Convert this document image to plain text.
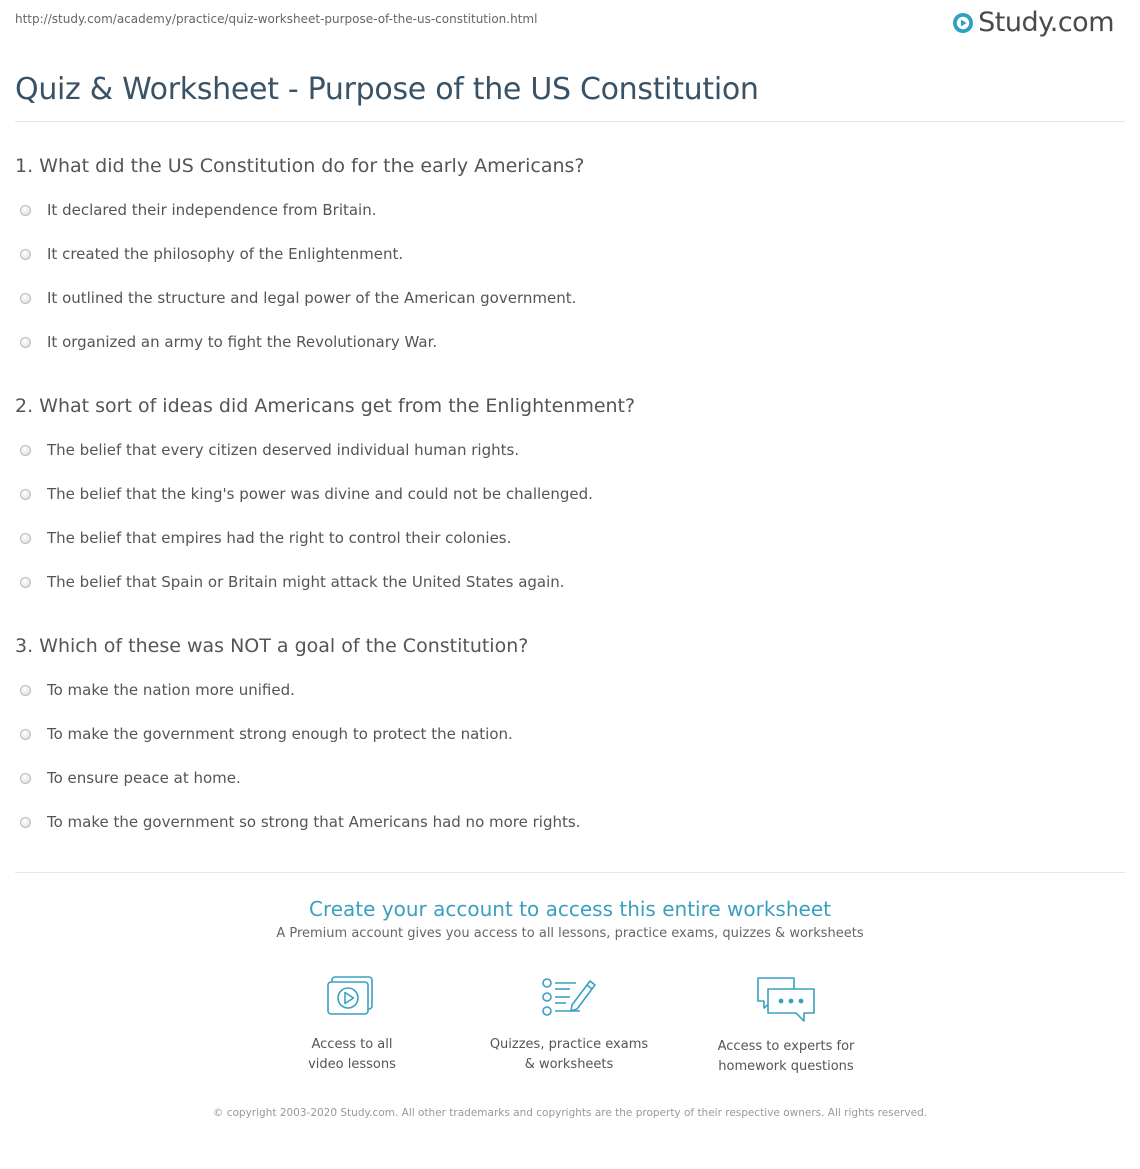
http://study.com/academy/practice/quiz-worksheet-purpose-of-the-us-constitution.html	Study.com
Quiz & Worksheet - Purpose of the US Constitution
1. What did the US Constitution do for the early Americans?
It declared their independence from Britain.
It created the philosophy of the Enlightenment.
It outlined the structure and legal power of the American government.
It organized an army to fight the Revolutionary War.
2. What sort of ideas did Americans get from the Enlightenment?
The belief that every citizen deserved individual human rights.
The belief that the king's power was divine and could not be challenged.
The belief that empires had the right to control their colonies.
The belief that Spain or Britain might attack the United States again.
3. Which of these was NOT a goal of the Constitution?
To make the nation more unified.
To make the government strong enough to protect the nation.
To ensure peace at home.
To make the government so strong that Americans had no more rights.
Create your account to access this entire worksheet
A Premium account gives you access to all lessons, practice exams, quizzes & worksheets
Access to all
video lessons
Quizzes, practice exams
& worksheets
Access to experts for
homework questions
© copyright 2003-2020 Study.com. All other trademarks and copyrights are the property of their respective owners. All rights reserved.
